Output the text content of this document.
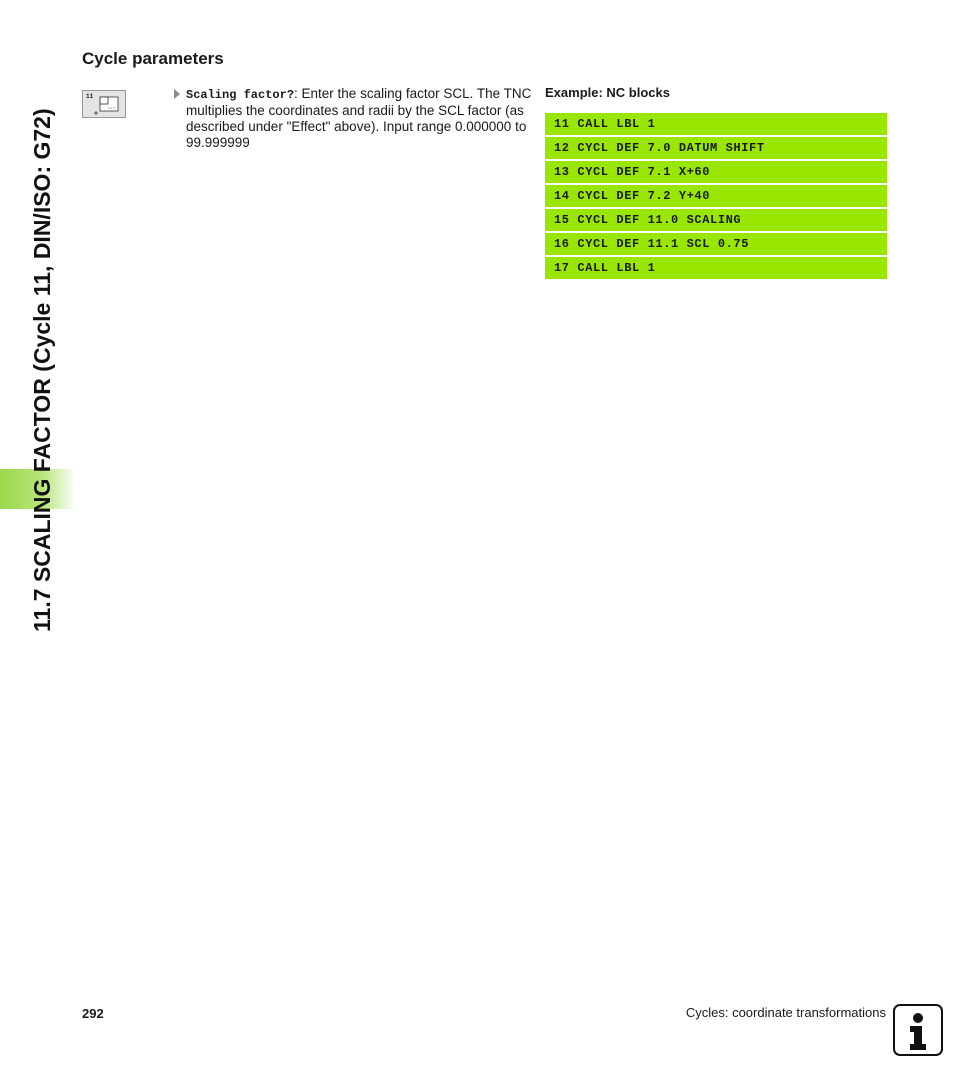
11.7 SCALING FACTOR (Cycle 11, DIN/ISO: G72)
Cycle parameters
11	Scaling factor?: Enter the scaling factor SCL. The TNC multiplies the coordinates and radii by the SCL factor (as described under "Effect" above). Input range 0.000000 to 99.999999

Example: NC blocks
11 CALL LBL 1
12 CYCL DEF 7.0 DATUM SHIFT
13 CYCL DEF 7.1 X+60
14 CYCL DEF 7.2 Y+40
15 CYCL DEF 11.0 SCALING
16 CYCL DEF 11.1 SCL 0.75
17 CALL LBL 1
292	Cycles: coordinate transformations
